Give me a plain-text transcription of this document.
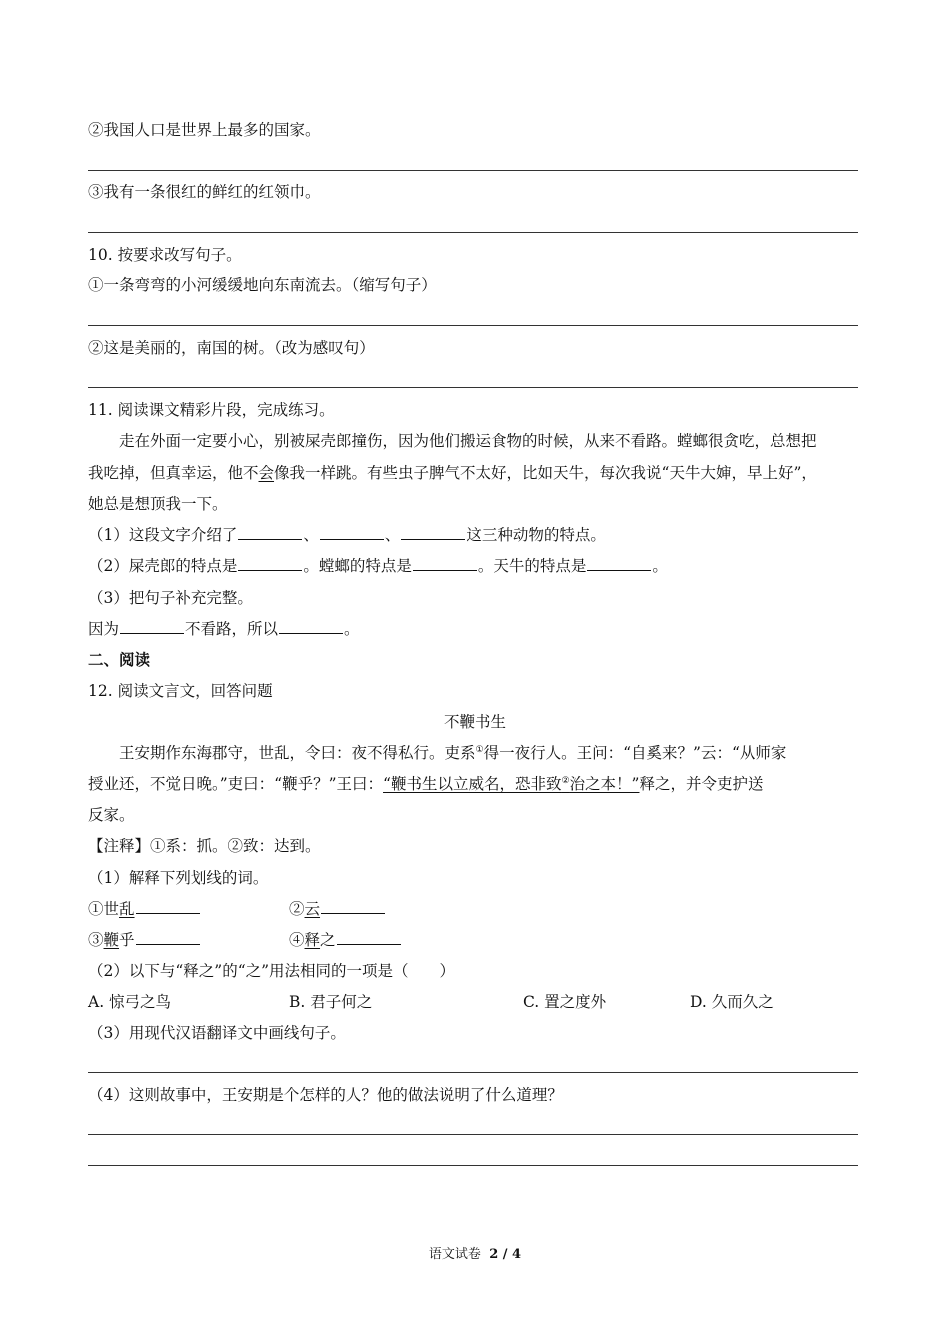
②我国人口是世界上最多的国家。
③我有一条很红的鲜红的红领巾。
10. 按要求改写句子。
①一条弯弯的小河缓缓地向东南流去。（缩写句子）
②这是美丽的，南国的树。（改为感叹句）
11. 阅读课文精彩片段，完成练习。
走在外面一定要小心，别被屎壳郎撞伤，因为他们搬运食物的时候，从来不看路。螳螂很贪吃，总想把
我吃掉，但真幸运，他不会像我一样跳。有些虫子脾气不太好，比如天牛，每次我说“天牛大婶，早上好”，
她总是想顶我一下。
（1）这段文字介绍了	、	、	这三种动物的特点。
（2）屎壳郎的特点是	。螳螂的特点是	。天牛的特点是	。
（3）把句子补充完整。
因为	不看路，所以	。
二、阅读
12. 阅读文言文，回答问题
不鞭书生
王安期作东海郡守，世乱，令曰：夜不得私行。吏系①得一夜行人。王问：“自奚来？”云：“从师家
授业还，不觉日晚。”吏曰：“鞭乎？”王曰：“鞭书生以立威名，恐非致②治之本！”释之，并令吏护送
反家。
【注释】①系：抓。②致：达到。
（1）解释下列划线的词。
①世乱	②云
③鞭乎	④释之
（2）以下与“释之”的“之”用法相同的一项是（　　）
A. 惊弓之鸟	B. 君子何之	C. 置之度外	D. 久而久之
（3）用现代汉语翻译文中画线句子。
（4）这则故事中，王安期是个怎样的人？他的做法说明了什么道理？
语文试卷 2 / 4
